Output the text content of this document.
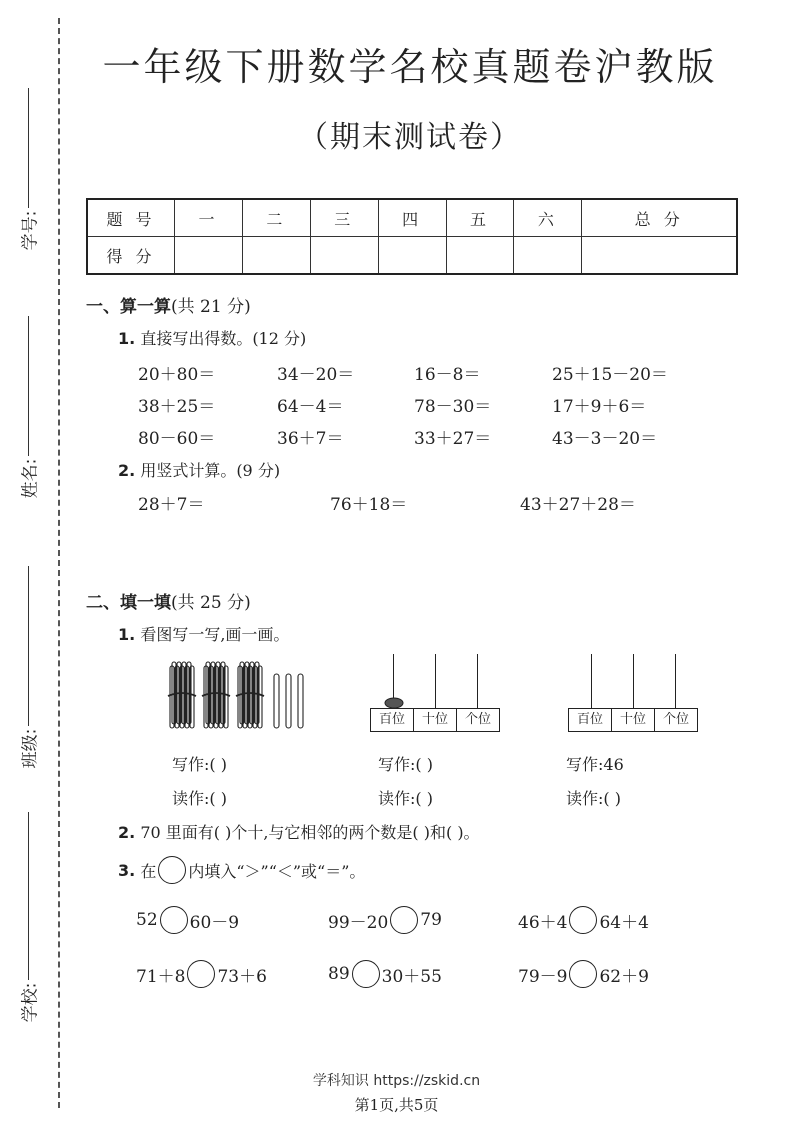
学号:
姓名:
班级:
学校:
一年级下册数学名校真题卷沪教版
（期末测试卷）
题 号	一	二	三	四	五	六	总 分
得 分							
一、算一算(共 21 分)
1. 直接写出得数。(12 分)
20＋80＝	34－20＝	16－8＝	25＋15－20＝
38＋25＝	64－4＝	78－30＝	17＋9＋6＝
80－60＝	36＋7＝	33＋27＝	43－3－20＝
2. 用竖式计算。(9 分)
28＋7＝	76＋18＝	43＋27＋28＝
二、填一填(共 25 分)
1. 看图写一写,画一画。
百位	十位	个位	百位	十位	个位
写作:( )
读作:( )
写作:( )
读作:( )
写作:46
读作:( )
2. 70 里面有( )个十,与它相邻的两个数是( )和( )。
3.
在 内填入“＞”“＜”或“＝”。
52 60－9	99－20 79	46＋4 64＋4
71＋8 73＋6	89 30＋55	79－9 62＋9
学科知识 https://zskid.cn
第1页,共5页
